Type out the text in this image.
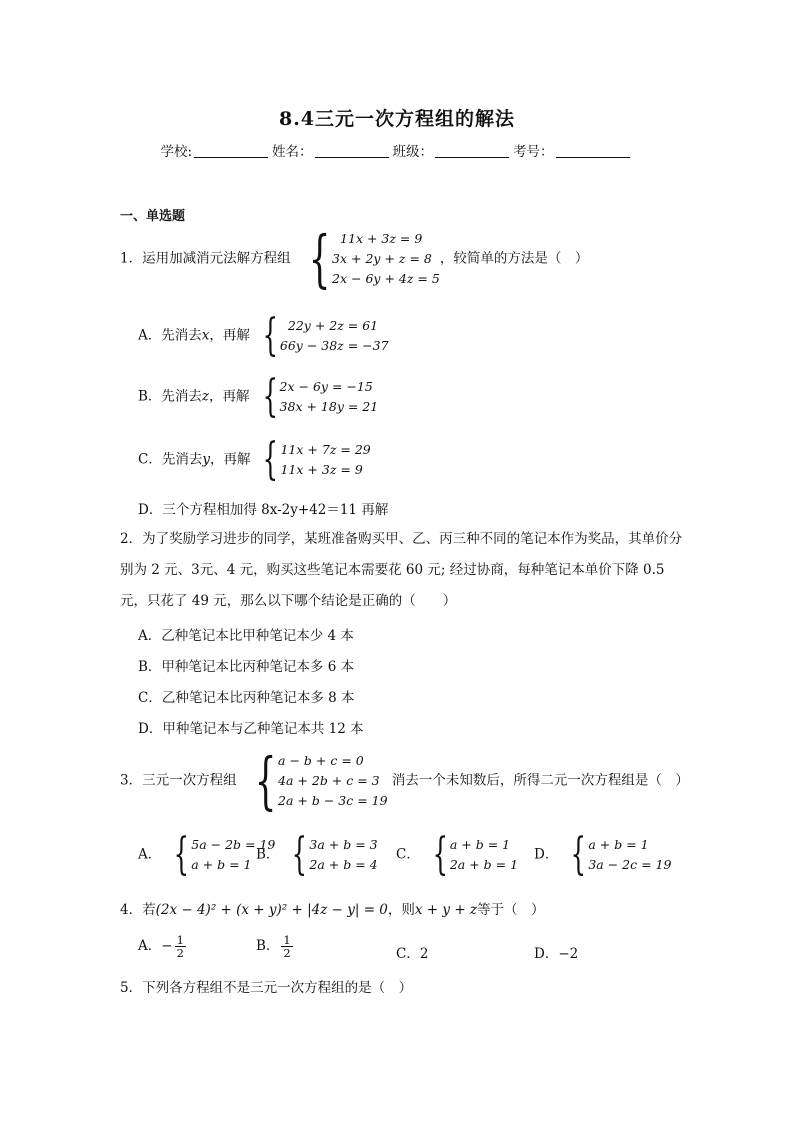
8.4三元一次方程组的解法
学校:	姓名：	班级：	考号：
一、单选题
1．运用加减消元法解方程组 { 11x + 3z = 9
3x + 2y + z = 8
2x − 6y + 4z = 5
，较简单的方法是（　）
A．先消去x，再解 { 22y + 2z = 61
66y − 38z = −37
B．先消去z，再解 { 2x − 6y = −15
38x + 18y = 21
C．先消去y，再解 { 11x + 7z = 29
11x + 3z = 9
D．三个方程相加得 8x-2y+42＝11 再解
2．为了奖励学习进步的同学，某班准备购买甲、乙、丙三种不同的笔记本作为奖品，其单价分别为 2 元、3元、4 元，购买这些笔记本需要花 60 元; 经过协商，每种笔记本单价下降 0.5 元，只花了 49 元，那么以下哪个结论是正确的（　　）
A．乙种笔记本比甲种笔记本少 4 本
B．甲种笔记本比丙种笔记本多 6 本
C．乙种笔记本比丙种笔记本多 8 本
D．甲种笔记本与乙种笔记本共 12 本
3．三元一次方程组 { a − b + c = 0
4a + 2b + c = 3
2a + b − 3c = 19
消去一个未知数后，所得二元一次方程组是（　）
A． { 5a − 2b = 19
a + b = 1
B． { 3a + b = 3
2a + b = 4
C． { a + b = 1
2a + b = 1
D． { a + b = 1
3a − 2c = 19
4．若(2x − 4)² + (x + y)² + |4z − y| = 0，则x + y + z等于（　）
A．− $\frac{1}{2}$	B． $\frac{1}{2}$	C．2	D．−2
5．下列各方程组不是三元一次方程组的是（　）
